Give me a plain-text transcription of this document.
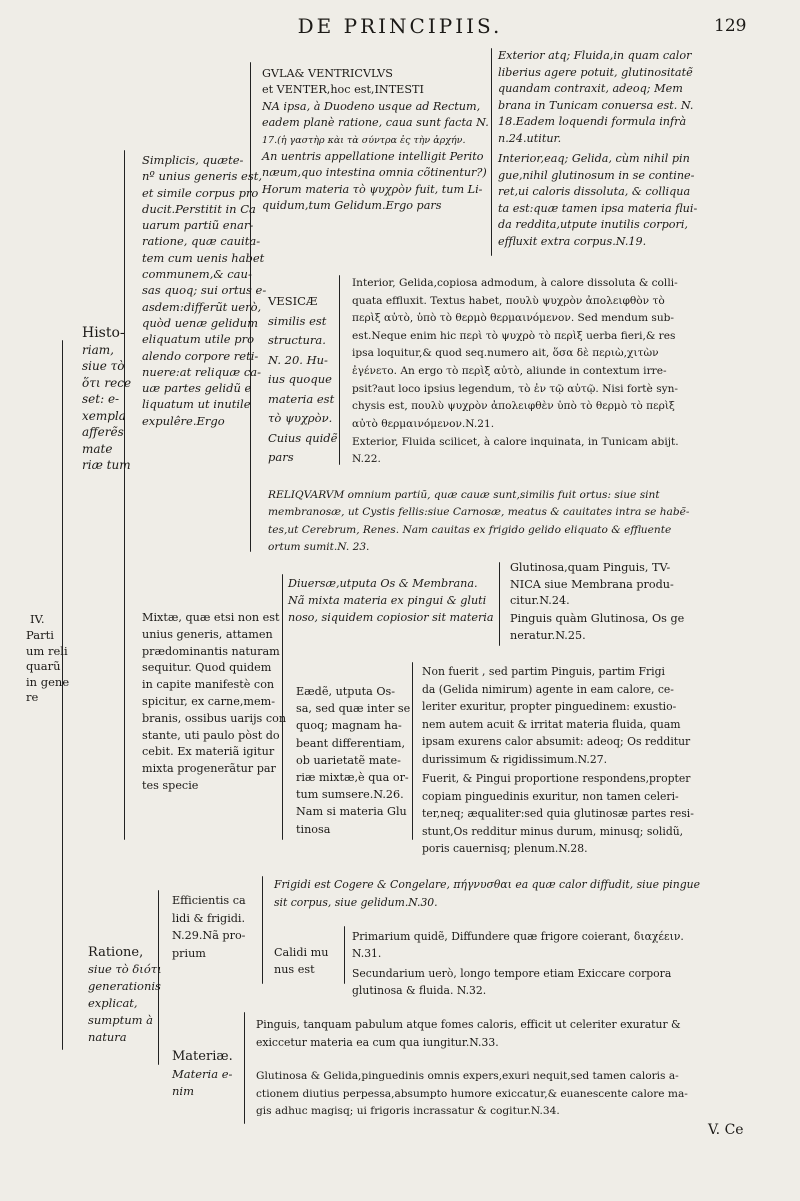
DE PRINCIPIIS.	129
IV.
Parti
um reli
quarũ
in gene
re
Histo-
riam,
siue τὸ
ὅτι rece
set: e-
xempla
afferẽs
mate
riæ tum
Simplicis, quæte-
nº unius generis est,
et simile corpus pro
ducit.Perstitit in Ca
uarum partiũ enar-
ratione, quæ cauita-
tem cum uenis habet
communem,& cau-
sas quoq; sui ortus e-
asdem:differũt uerò,
quòd uenæ gelidum
eliquatum utile pro
alendo corpore reti-
nuere:at reliquæ ca-
uæ partes gelidũ e
liquatum ut inutile
expulêre.Ergo
GVLA& VENTRICVLVS
et VENTER,hoc est,INTESTI
NA ipsa, à Duodeno usque ad Rectum,
eadem planè ratione, caua sunt facta N.
17.(ἡ γαστὴρ κὰι τὰ σύντρα ἐς τὴν ἀρχήν.
An uentris appellatione intelligit Perito
næum,quo intestina omnia cõtinentur?)
Horum materia τὸ ψυχρὸν fuit, tum Li-
quidum,tum Gelidum.Ergo pars
Exterior atq; Fluida,in quam calor
liberius agere potuit, glutinositatẽ
quandam contraxit, adeoq; Mem
brana in Tunicam conuersa est. N.
18.Eadem loquendi formula infrà
n.24.utitur.
Interior,eaq; Gelida, cùm nihil pin
gue,nihil glutinosum in se contine-
ret,ui caloris dissoluta, & colliqua
ta est:quæ tamen ipsa materia flui-
da reddita,utpute inutilis corpori,
effluxit extra corpus.N.19.
VESICÆ
similis est
structura.
N. 20. Hu-
ius quoque
materia est
τὸ ψυχρὸν.
Cuius quidẽ
pars
Interior, Gelida,copiosa admodum, à calore dissoluta & colli-
quata effluxit. Textus habet, πουλὺ ψυχρὸν ἀπολειφθὸν τὸ
περὶξ αὐτὸ, ὑπὸ τὸ θερμὸ θερμαινόμενον. Sed mendum sub-
est.Neque enim hic περὶ τὸ ψυχρὸ τὸ περὶξ uerba fieri,& res
ipsa loquitur,& quod seq.numero ait, ὅσα δὲ περιὼ,χιτὼν
ἐγένετο. An ergo τὸ περὶξ αὐτὸ, aliunde in contextum irre-
psit?aut loco ipsius legendum, τὸ ἐν τῷ αὐτῷ. Nisi fortè syn-
chysis est, πουλὺ ψυχρὸν ἀπολειφθὲν ὑπὸ τὸ θερμὸ τὸ περὶξ
αὐτὸ θερμαινόμενον.N.21.
Exterior, Fluida scilicet, à calore inquinata, in Tunicam abijt.
N.22.
RELIQVARVM omnium partiũ, quæ cauæ sunt,similis fuit ortus: siue sint
membranosæ, ut Cystis fellis:siue Carnosæ, meatus & cauitates intra se habẽ-
tes,ut Cerebrum, Renes. Nam cauitas ex frigido gelido eliquato & effluente
ortum sumit.N. 23.
Mixtæ, quæ etsi non est
unius generis, attamen
prædominantis naturam
sequitur. Quod quidem
in capite manifestè con
spicitur, ex carne,mem-
branis, ossibus uarijs con
stante, uti paulo pòst do
cebit. Ex materiã igitur
mixta progenerãtur par
tes specie
Diuersæ,utputa Os & Membrana.
Nã mixta materia ex pingui & gluti
noso, siquidem copiosior sit materia
Glutinosa,quam Pinguis, TV-
NICA siue Membrana produ-
citur.N.24.
Pinguis quàm Glutinosa, Os ge
neratur.N.25.
Eædẽ, utputa Os-
sa, sed quæ inter se
quoq; magnam ha-
beant differentiam,
ob uarietatẽ mate-
riæ mixtæ,è qua or-
tum sumsere.N.26.
Nam si materia Glu
tinosa
Non fuerit , sed partim Pinguis, partim Frigi
da (Gelida nimirum) agente in eam calore, ce-
leriter exuritur, propter pinguedinem: exustio-
nem autem acuit & irritat materia fluida, quam
ipsam exurens calor absumit: adeoq; Os redditur
durissimum & rigidissimum.N.27.
Fuerit, & Pingui proportione respondens,propter
copiam pinguedinis exuritur, non tamen celeri-
ter,neq; æqualiter:sed quia glutinosæ partes resi-
stunt,Os redditur minus durum, minusq; solidũ,
poris cauernisq; plenum.N.28.
Ratione,
siue τὸ διότι
generationis
explicat,
sumptum à
natura
Efficientis ca
lidi & frigidi.
N.29.Nã pro-
prium
Frigidi est Cogere & Congelare, πήγνυσθαι ea quæ calor diffudit, siue pingue
sit corpus, siue gelidum.N.30.
Calidi mu
nus est
Primarium quidẽ, Diffundere quæ frigore coierant, διαχέειν.
N.31.
Secundarium uerò, longo tempore etiam Exiccare corpora
glutinosa & fluida. N.32.
Materiæ.
Materia e-
nim
Pinguis, tanquam pabulum atque fomes caloris, efficit ut celeriter exuratur &
exiccetur materia ea cum qua iungitur.N.33.
Glutinosa & Gelida,pinguedinis omnis expers,exuri nequit,sed tamen caloris a-
ctionem diutius perpessa,absumpto humore exiccatur,& euanescente calore ma-
gis adhuc magisq; ui frigoris incrassatur & cogitur.N.34.
V. Ce
